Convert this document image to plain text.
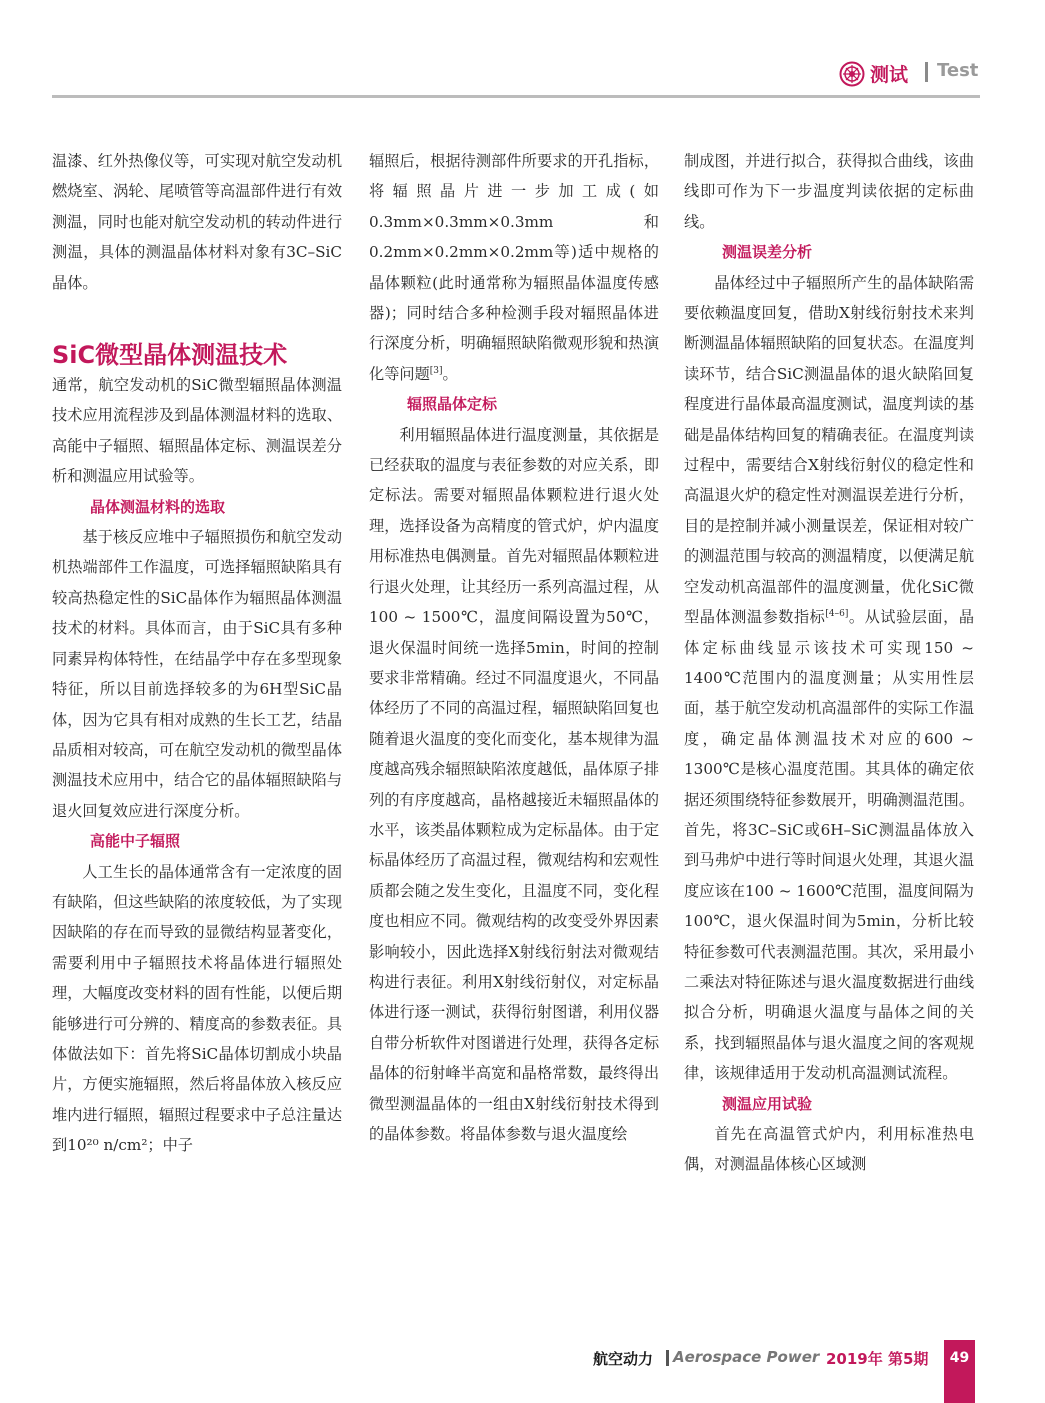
测试 Test

温漆、红外热像仪等，可实现对航空发动机燃烧室、涡轮、尾喷管等高温部件进行有效测温，同时也能对航空发动机的转动件进行测温，具体的测温晶体材料对象有3C–SiC晶体。

SiC微型晶体测温技术

通常，航空发动机的SiC微型辐照晶体测温技术应用流程涉及到晶体测温材料的选取、高能中子辐照、辐照晶体定标、测温误差分析和测温应用试验等。

晶体测温材料的选取

基于核反应堆中子辐照损伤和航空发动机热端部件工作温度，可选择辐照缺陷具有较高热稳定性的SiC晶体作为辐照晶体测温技术的材料。具体而言，由于SiC具有多种同素异构体特性，在结晶学中存在多型现象特征，所以目前选择较多的为6H型SiC晶体，因为它具有相对成熟的生长工艺，结晶品质相对较高，可在航空发动机的微型晶体测温技术应用中，结合它的晶体辐照缺陷与退火回复效应进行深度分析。

高能中子辐照

人工生长的晶体通常含有一定浓度的固有缺陷，但这些缺陷的浓度较低，为了实现因缺陷的存在而导致的显微结构显著变化，需要利用中子辐照技术将晶体进行辐照处理，大幅度改变材料的固有性能，以便后期能够进行可分辨的、精度高的参数表征。具体做法如下：首先将SiC晶体切割成小块晶片，方便实施辐照，然后将晶体放入核反应堆内进行辐照，辐照过程要求中子总注量达到10²⁰ n/cm²；中子

辐照后，根据待测部件所要求的开孔指标，将辐照晶片进一步加工成(如0.3mm×0.3mm×0.3mm和0.2mm×0.2mm×0.2mm等)适中规格的晶体颗粒(此时通常称为辐照晶体温度传感器)；同时结合多种检测手段对辐照晶体进行深度分析，明确辐照缺陷微观形貌和热演化等问题[3]。

辐照晶体定标

利用辐照晶体进行温度测量，其依据是已经获取的温度与表征参数的对应关系，即定标法。需要对辐照晶体颗粒进行退火处理，选择设备为高精度的管式炉，炉内温度用标准热电偶测量。首先对辐照晶体颗粒进行退火处理，让其经历一系列高温过程，从100 ~ 1500℃，温度间隔设置为50℃，退火保温时间统一选择5min，时间的控制要求非常精确。经过不同温度退火，不同晶体经历了不同的高温过程，辐照缺陷回复也随着退火温度的变化而变化，基本规律为温度越高残余辐照缺陷浓度越低，晶体原子排列的有序度越高，晶格越接近未辐照晶体的水平，该类晶体颗粒成为定标晶体。由于定标晶体经历了高温过程，微观结构和宏观性质都会随之发生变化，且温度不同，变化程度也相应不同。微观结构的改变受外界因素影响较小，因此选择X射线衍射法对微观结构进行表征。利用X射线衍射仪，对定标晶体进行逐一测试，获得衍射图谱，利用仪器自带分析软件对图谱进行处理，获得各定标晶体的衍射峰半高宽和晶格常数，最终得出微型测温晶体的一组由X射线衍射技术得到的晶体参数。将晶体参数与退火温度绘

制成图，并进行拟合，获得拟合曲线，该曲线即可作为下一步温度判读依据的定标曲线。

测温误差分析

晶体经过中子辐照所产生的晶体缺陷需要依赖温度回复，借助X射线衍射技术来判断测温晶体辐照缺陷的回复状态。在温度判读环节，结合SiC测温晶体的退火缺陷回复程度进行晶体最高温度测试，温度判读的基础是晶体结构回复的精确表征。在温度判读过程中，需要结合X射线衍射仪的稳定性和高温退火炉的稳定性对测温误差进行分析，目的是控制并减小测量误差，保证相对较广的测温范围与较高的测温精度，以便满足航空发动机高温部件的温度测量，优化SiC微型晶体测温参数指标[4–6]。从试验层面，晶体定标曲线显示该技术可实现150 ~ 1400℃范围内的温度测量；从实用性层面，基于航空发动机高温部件的实际工作温度，确定晶体测温技术对应的600 ~ 1300℃是核心温度范围。其具体的确定依据还须围绕特征参数展开，明确测温范围。首先，将3C–SiC或6H–SiC测温晶体放入到马弗炉中进行等时间退火处理，其退火温度应该在100 ~ 1600℃范围，温度间隔为100℃，退火保温时间为5min，分析比较特征参数可代表测温范围。其次，采用最小二乘法对特征陈述与退火温度数据进行曲线拟合分析，明确退火温度与晶体之间的关系，找到辐照晶体与退火温度之间的客观规律，该规律适用于发动机高温测试流程。

测温应用试验

首先在高温管式炉内，利用标准热电偶，对测温晶体核心区域测

航空动力 Aerospace Power 2019年 第5期	49
